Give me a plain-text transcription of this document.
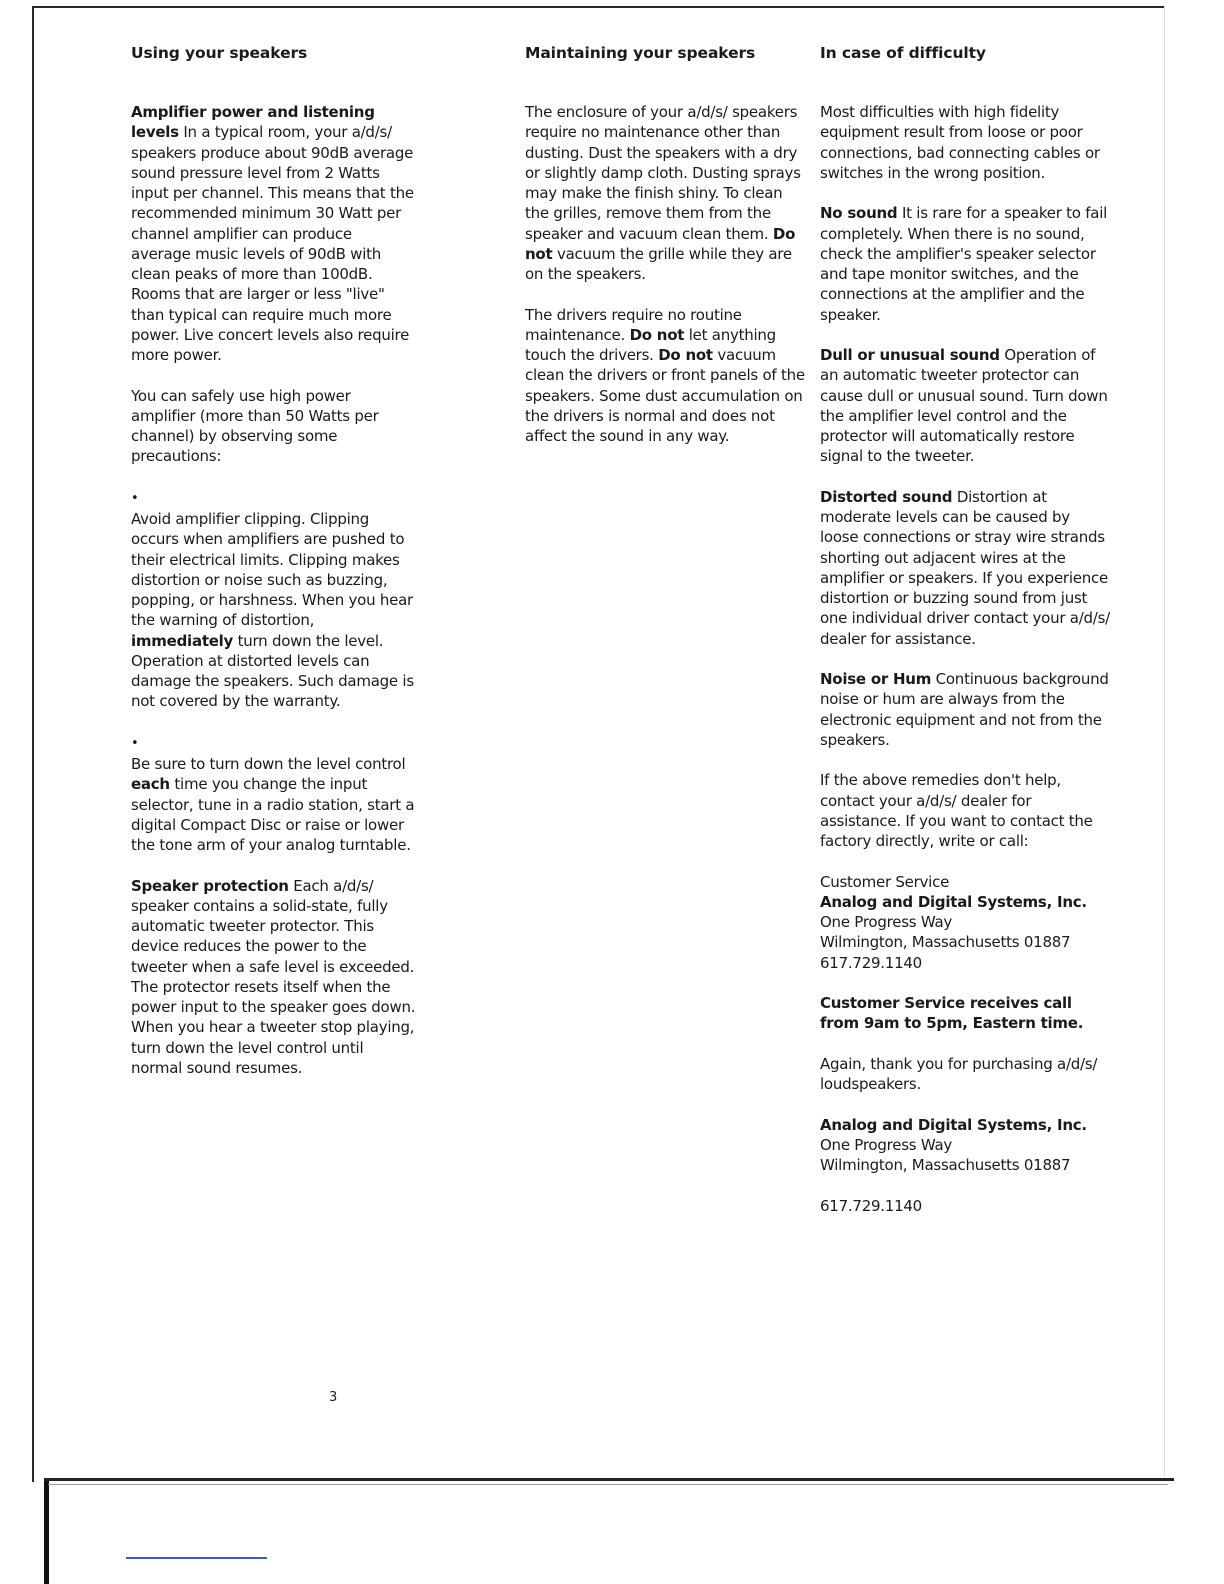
Using your speakers

Amplifier power and listening levels In a typical room, your a/d/s/ speakers produce about 90dB average sound pressure level from 2 Watts input per channel. This means that the recommended minimum 30 Watt per channel amplifier can produce average music levels of 90dB with clean peaks of more than 100dB. Rooms that are larger or less "live" than typical can require much more power. Live concert levels also require more power.

You can safely use high power amplifier (more than 50 Watts per channel) by observing some precautions:

•
Avoid amplifier clipping. Clipping occurs when amplifiers are pushed to their electrical limits. Clipping makes distortion or noise such as buzzing, popping, or harshness. When you hear the warning of distortion, immediately turn down the level. Operation at distorted levels can damage the speakers. Such damage is not covered by the warranty.

•
Be sure to turn down the level control each time you change the input selector, tune in a radio station, start a digital Compact Disc or raise or lower the tone arm of your analog turntable.

Speaker protection Each a/d/s/ speaker contains a solid-state, fully automatic tweeter protector. This device reduces the power to the tweeter when a safe level is exceeded. The protector resets itself when the power input to the speaker goes down. When you hear a tweeter stop playing, turn down the level control until normal sound resumes.

Maintaining your speakers

The enclosure of your a/d/s/ speakers require no maintenance other than dusting. Dust the speakers with a dry or slightly damp cloth. Dusting sprays may make the finish shiny. To clean the grilles, remove them from the speaker and vacuum clean them. Do not vacuum the grille while they are on the speakers.

The drivers require no routine maintenance. Do not let anything touch the drivers. Do not vacuum clean the drivers or front panels of the speakers. Some dust accumulation on the drivers is normal and does not affect the sound in any way.

In case of difficulty

Most difficulties with high fidelity equipment result from loose or poor connections, bad connecting cables or switches in the wrong position.

No sound It is rare for a speaker to fail completely. When there is no sound, check the amplifier's speaker selector and tape monitor switches, and the connections at the amplifier and the speaker.

Dull or unusual sound Operation of an automatic tweeter protector can cause dull or unusual sound. Turn down the amplifier level control and the protector will automatically restore signal to the tweeter.

Distorted sound Distortion at moderate levels can be caused by loose connections or stray wire strands shorting out adjacent wires at the amplifier or speakers. If you experience distortion or buzzing sound from just one individual driver contact your a/d/s/ dealer for assistance.

Noise or Hum Continuous background noise or hum are always from the electronic equipment and not from the speakers.

If the above remedies don't help, contact your a/d/s/ dealer for assistance. If you want to contact the factory directly, write or call:

Customer Service
Analog and Digital Systems, Inc.
One Progress Way
Wilmington, Massachusetts 01887
617.729.1140

Customer Service receives call from 9am to 5pm, Eastern time.

Again, thank you for purchasing a/d/s/ loudspeakers.

Analog and Digital Systems, Inc.
One Progress Way
Wilmington, Massachusetts 01887

617.729.1140

3
